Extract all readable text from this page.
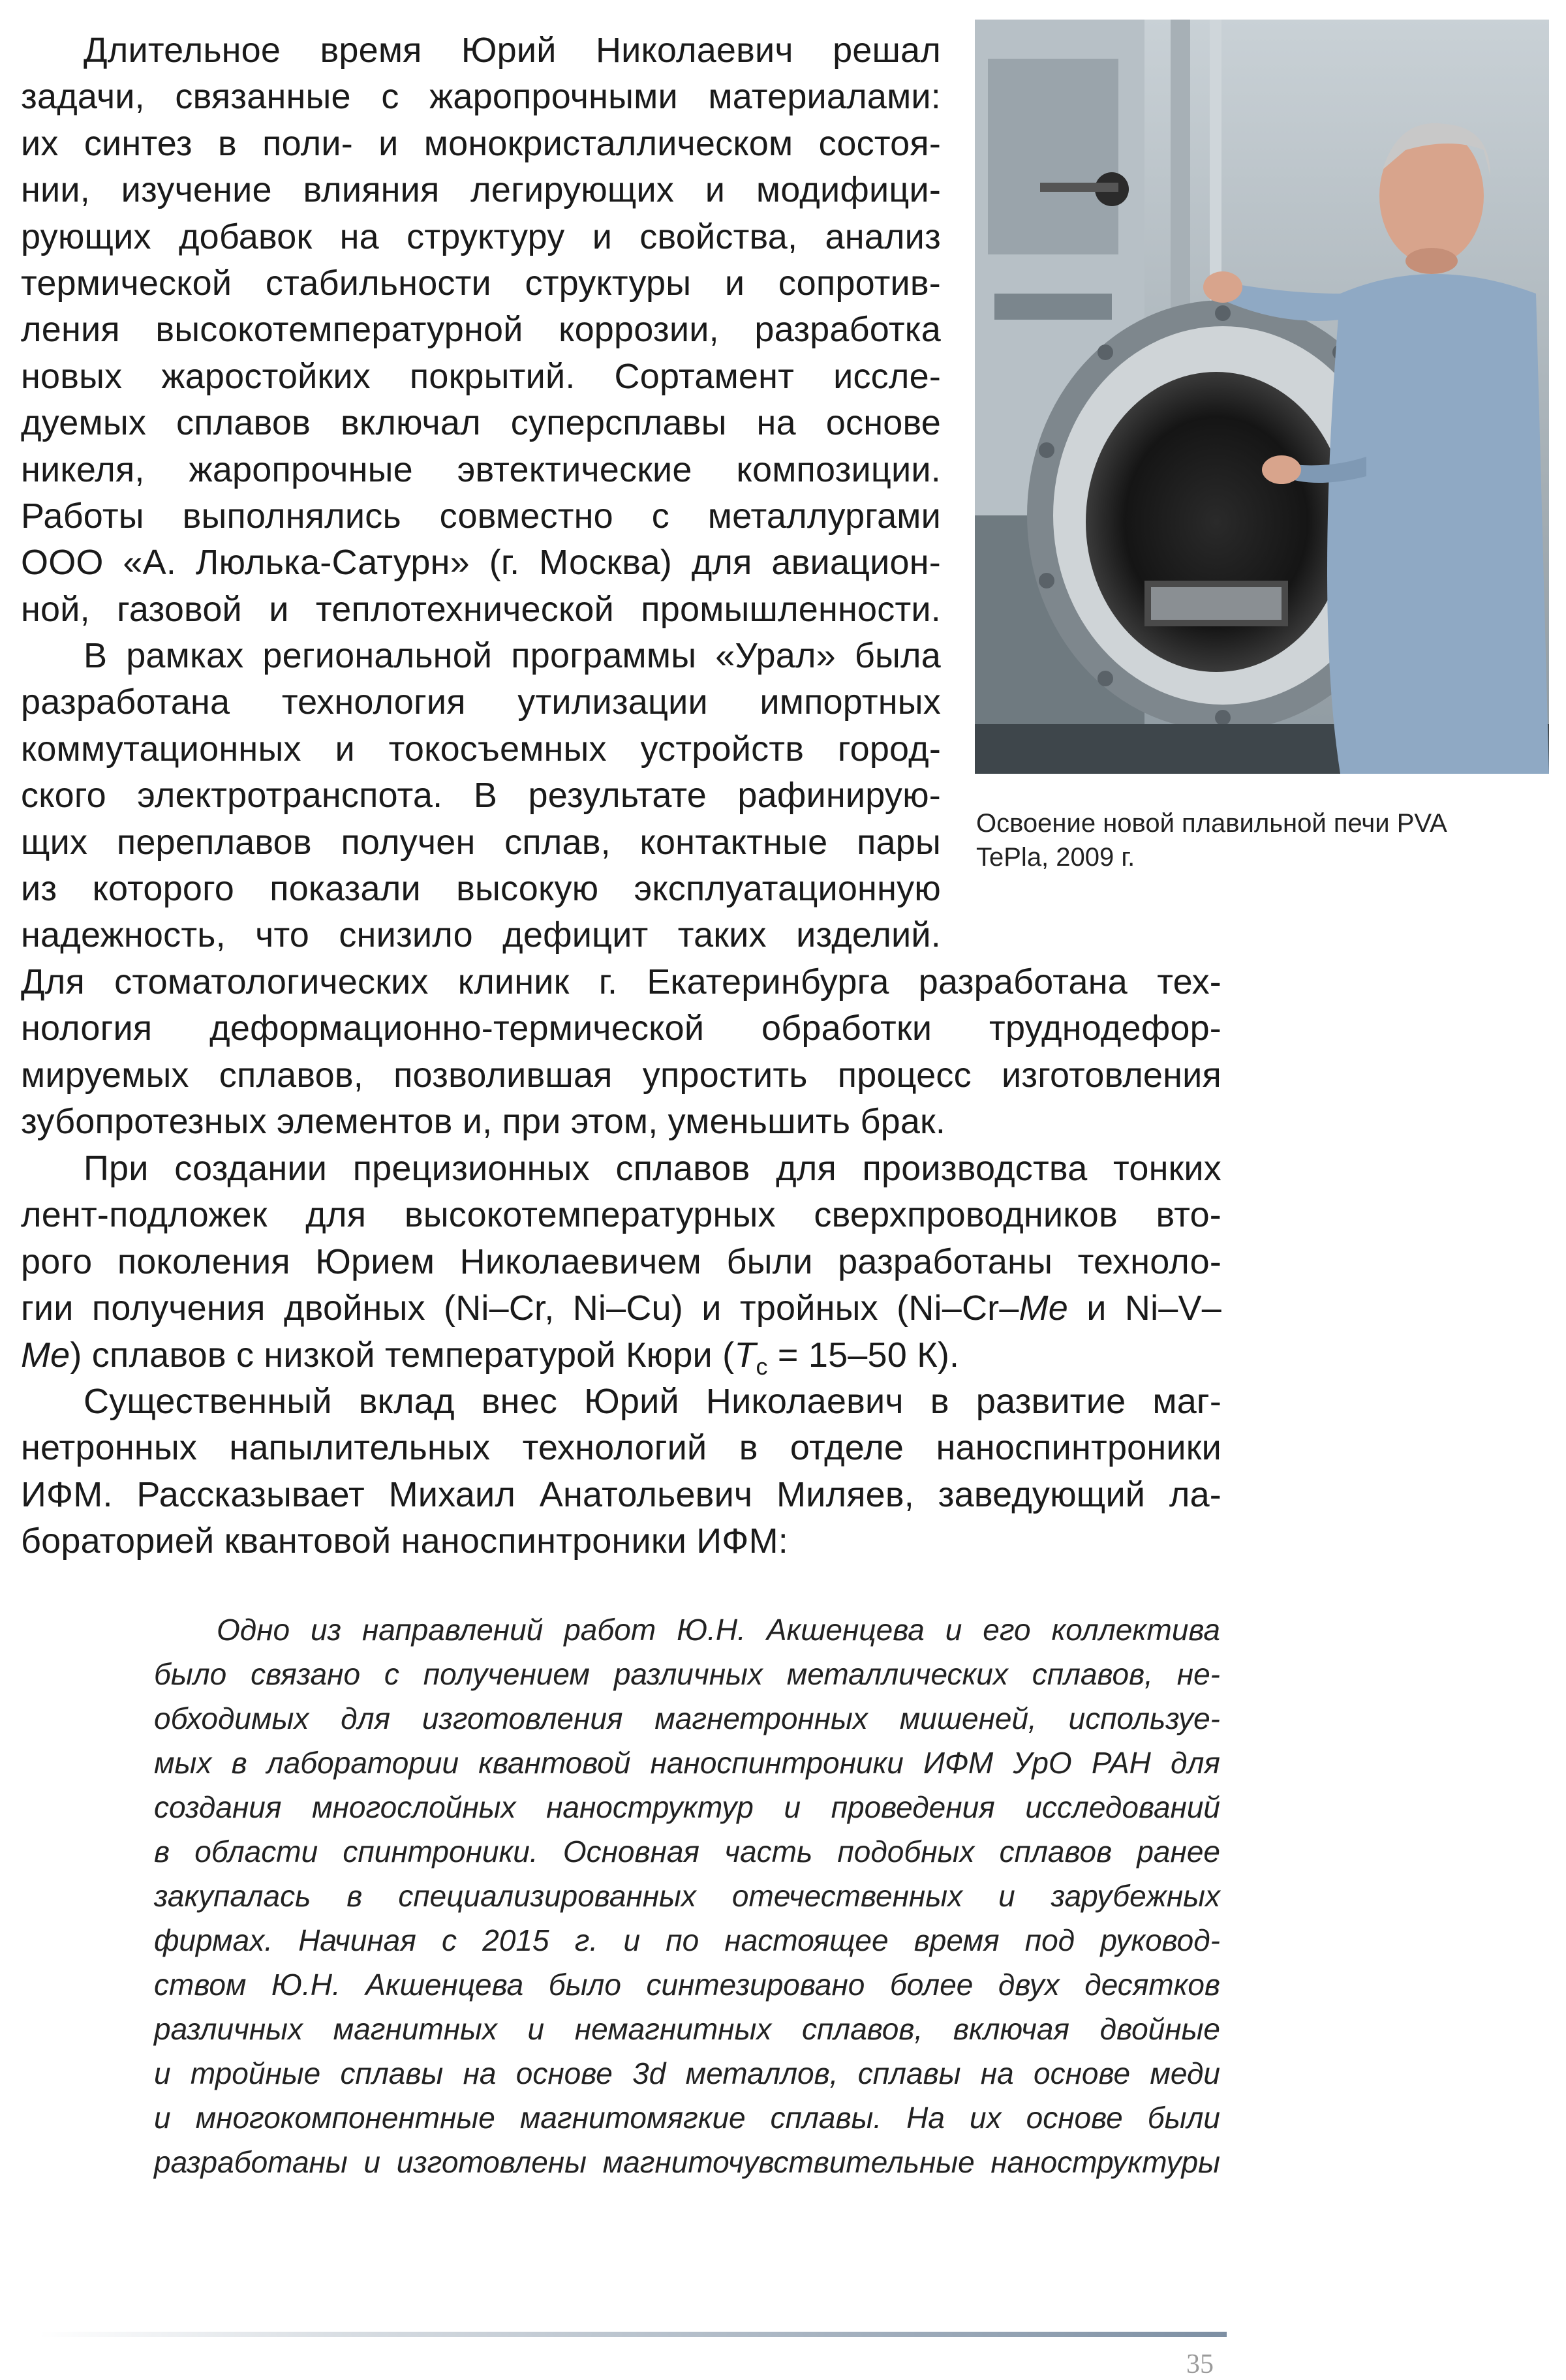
Длительное время Юрий Николаевич решал
задачи, связанные с жаропрочными материалами:
их синтез в поли- и монокристаллическом состоя-
нии, изучение влияния легирующих и модифици-
рующих добавок на структуру и свойства, анализ
термической стабильности структуры и сопротив-
ления высокотемпературной коррозии, разработка
новых жаростойких покрытий. Сортамент иссле-
дуемых сплавов включал суперсплавы на основе
никеля, жаропрочные эвтектические композиции.
Работы выполнялись совместно с металлургами
ООО «А. Люлька-Сатурн» (г. Москва) для авиацион-
ной, газовой и теплотехнической промышленности.
В рамках региональной программы «Урал» была
разработана технология утилизации импортных
коммутационных и токосъемных устройств город-
ского электротранспота. В результате рафинирую-
щих переплавов получен сплав, контактные пары
из которого показали высокую эксплуатационную
надежность, что снизило дефицит таких изделий.
Для стоматологических клиник г. Екатеринбурга разработана тех-
нология деформационно-термической обработки труднодефор-
мируемых сплавов, позволившая упростить процесс изготовления
зубопротезных элементов и, при этом, уменьшить брак.
При создании прецизионных сплавов для производства тонких
лент-подложек для высокотемпературных сверхпроводников вто-
рого поколения Юрием Николаевичем были разработаны техноло-
гии получения двойных (Ni–Cr, Ni–Cu) и тройных (Ni–Cr–Me и Ni–V–
Me) сплавов с низкой температурой Кюри ($T_c = 15-50$ К).
Существенный вклад внес Юрий Николаевич в развитие маг-
нетронных напылительных технологий в отделе наноспинтроники
ИФМ. Рассказывает Михаил Анатольевич Миляев, заведующий ла-
бораторией квантовой наноспинтроники ИФМ:
Одно из направлений работ Ю.Н. Акшенцева и его коллектива
было связано с получением различных металлических сплавов, не-
обходимых для изготовления магнетронных мишеней, используе-
мых в лаборатории квантовой наноспинтроники ИФМ УрО РАН для
создания многослойных наноструктур и проведения исследований
в области спинтроники. Основная часть подобных сплавов ранее
закупалась в специализированных отечественных и зарубежных
фирмах. Начиная с 2015 г. и по настоящее время под руковод-
ством Ю.Н. Акшенцева было синтезировано более двух десятков
различных магнитных и немагнитных сплавов, включая двойные
и тройные сплавы на основе 3d металлов, сплавы на основе меди
и многокомпонентные магнитомягкие сплавы. На их основе были
разработаны и изготовлены магниточувствительные наноструктуры
Освоение новой плавильной печи PVA
TePla, 2009 г.
35
